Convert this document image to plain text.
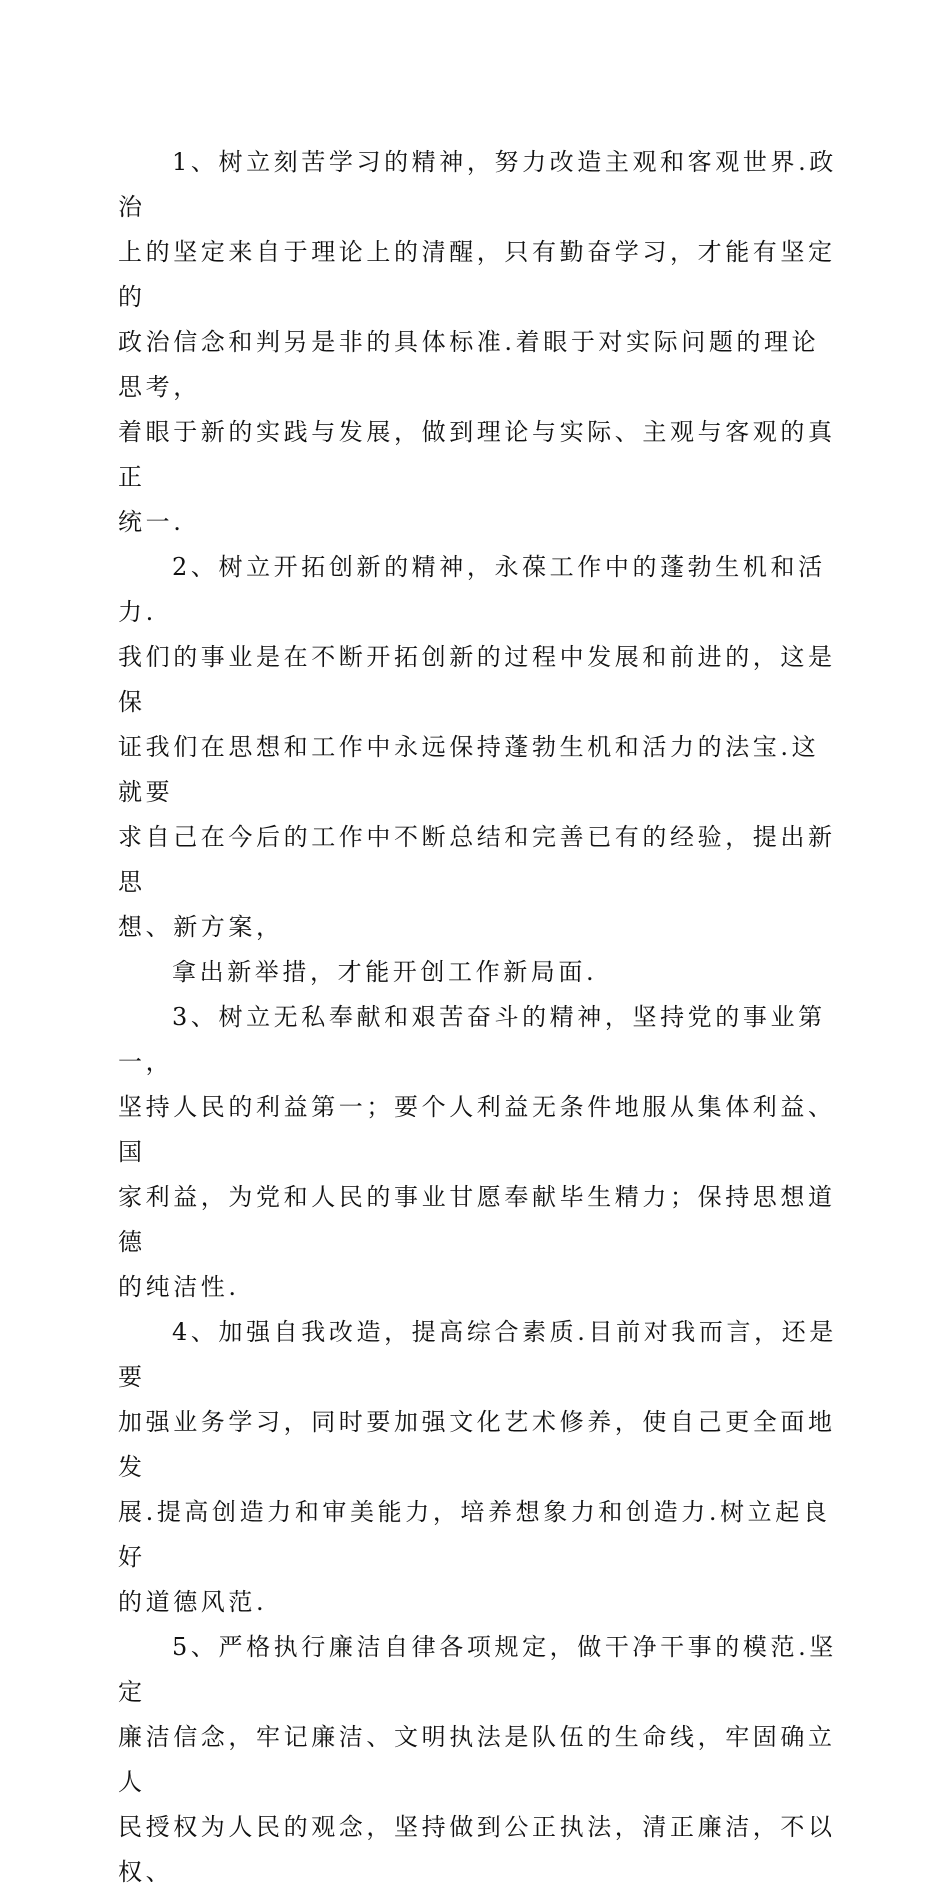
1、树立刻苦学习的精神，努力改造主观和客观世界.政治
上的坚定来自于理论上的清醒，只有勤奋学习，才能有坚定的
政治信念和判另是非的具体标准.着眼于对实际问题的理论思考，
着眼于新的实践与发展，做到理论与实际、主观与客观的真正
统一.

2、树立开拓创新的精神，永葆工作中的蓬勃生机和活力.
我们的事业是在不断开拓创新的过程中发展和前进的，这是保
证我们在思想和工作中永远保持蓬勃生机和活力的法宝.这就要
求自己在今后的工作中不断总结和完善已有的经验，提出新思
想、新方案，

拿出新举措，才能开创工作新局面.

3、树立无私奉献和艰苦奋斗的精神，坚持党的事业第一，
坚持人民的利益第一；要个人利益无条件地服从集体利益、国
家利益，为党和人民的事业甘愿奉献毕生精力；保持思想道德
的纯洁性.

4、加强自我改造，提高综合素质.目前对我而言，还是要
加强业务学习，同时要加强文化艺术修养，使自己更全面地发
展.提高创造力和审美能力，培养想象力和创造力.树立起良好
的道德风范.

5、严格执行廉洁自律各项规定，做干净干事的模范.坚定
廉洁信念，牢记廉洁、文明执法是队伍的生命线，牢固确立人
民授权为人民的观念，坚持做到公正执法，清正廉洁，不以权、
